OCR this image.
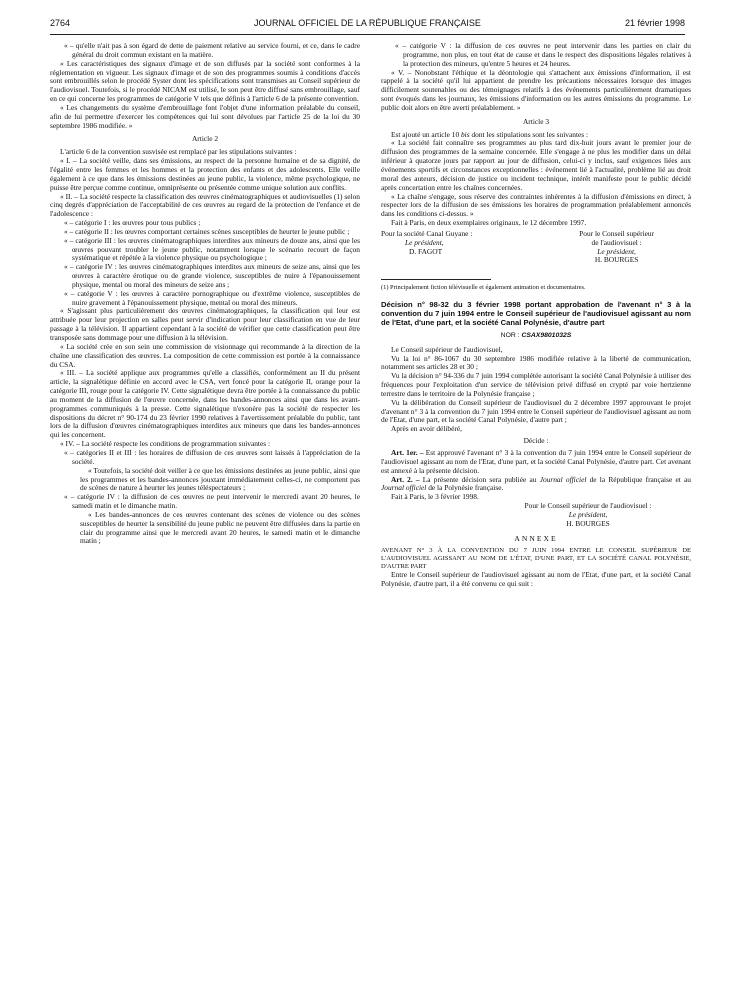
2764	JOURNAL OFFICIEL DE LA RÉPUBLIQUE FRANÇAISE	21 février 1998

« – qu'elle n'ait pas à son égard de dette de paiement relative au service fourni, et ce, dans le cadre général du droit commun existant en la matière.

« Les caractéristiques des signaux d'image et de son diffusés par la société sont conformes à la réglementation en vigueur. Les signaux d'image et de son des programmes soumis à conditions d'accès sont embrouillés selon le procédé Syster dont les spécifications sont transmises au Conseil supérieur de l'audiovisuel. Toutefois, si le procédé NICAM est utilisé, le son peut être diffusé sans embrouillage, sauf en ce qui concerne les programmes de catégorie V tels que définis à l'article 6 de la présente convention.

« Les changements du système d'embrouillage font l'objet d'une information préalable du conseil, afin de lui permettre d'exercer les compétences qui lui sont dévolues par l'article 25 de la loi du 30 septembre 1986 modifiée. »

Article 2

L'article 6 de la convention susvisée est remplacé par les stipulations suivantes :

« I. – La société veille, dans ses émissions, au respect de la personne humaine et de sa dignité, de l'égalité entre les femmes et les hommes et la protection des enfants et des adolescents. Elle veille également à ce que dans les émissions destinées au jeune public, la violence, même psychologique, ne puisse être perçue comme continue, omniprésente ou présentée comme unique solution aux conflits.

« II. – La société respecte la classification des œuvres cinématographiques et audiovisuelles (1) selon cinq degrés d'appréciation de l'acceptabilité de ces œuvres au regard de la protection de l'enfance et de l'adolescence :

« – catégorie I : les œuvres pour tous publics ;

« – catégorie II : les œuvres comportant certaines scènes susceptibles de heurter le jeune public ;

« – catégorie III : les œuvres cinématographiques interdites aux mineurs de douze ans, ainsi que les œuvres pouvant troubler le jeune public, notamment lorsque le scénario recourt de façon systématique et répétée à la violence physique ou psychologique ;

« – catégorie IV : les œuvres cinématographiques interdites aux mineurs de seize ans, ainsi que les œuvres à caractère érotique ou de grande violence, susceptibles de nuire à l'épanouissement physique, mental ou moral des mineurs de seize ans ;

« – catégorie V : les œuvres à caractère pornographique ou d'extrême violence, susceptibles de nuire gravement à l'épanouissement physique, mental ou moral des mineurs.

« S'agissant plus particulièrement des œuvres cinématographiques, la classification qui leur est attribuée pour leur projection en salles peut servir d'indication pour leur classification en vue de leur passage à la télévision. Il appartient cependant à la société de vérifier que cette classification peut être transposée sans dommage pour une diffusion à la télévision.

« La société crée en son sein une commission de visionnage qui recommande à la direction de la chaîne une classification des œuvres. La composition de cette commission est portée à la connaissance du CSA.

« III. – La société applique aux programmes qu'elle a classifiés, conformément au II du présent article, la signalétique définie en accord avec le CSA, vert foncé pour la catégorie II, orange pour la catégorie III, rouge pour la catégorie IV. Cette signalétique devra être portée à la connaissance du public au moment de la diffusion de l'œuvre concernée, dans les bandes-annonces ainsi que dans les avant-programmes communiqués à la presse. Cette signalétique n'exonère pas la société de respecter les dispositions du décret n° 90-174 du 23 février 1990 relatives à l'avertissement préalable du public, tant lors de la diffusion d'œuvres cinématographiques interdites aux mineurs que dans les bandes-annonces qui les concernent.

« IV. – La société respecte les conditions de programmation suivantes :

« – catégories II et III : les horaires de diffusion de ces œuvres sont laissés à l'appréciation de la société.

« Toutefois, la société doit veiller à ce que les émissions destinées au jeune public, ainsi que les programmes et les bandes-annonces jouxtant immédiatement celles-ci, ne comportent pas de scènes de nature à heurter les jeunes téléspectateurs ;

« – catégorie IV : la diffusion de ces œuvres ne peut intervenir le mercredi avant 20 heures, le samedi matin et le dimanche matin.

« Les bandes-annonces de ces œuvres contenant des scènes de violence ou des scènes susceptibles de heurter la sensibilité du jeune public ne peuvent être diffusées dans la partie en clair du programme ainsi que le mercredi avant 20 heures, le samedi matin et le dimanche matin ;

« – catégorie V : la diffusion de ces œuvres ne peut intervenir dans les parties en clair du programme, non plus, en tout état de cause et dans le respect des dispositions légales relatives à la protection des mineurs, qu'entre 5 heures et 24 heures.

« V. – Nonobstant l'éthique et la déontologie qui s'attachent aux émissions d'information, il est rappelé à la société qu'il lui appartient de prendre les précautions nécessaires lorsque des images difficilement soutenables ou des témoignages relatifs à des événements particulièrement dramatiques sont évoqués dans les journaux, les émissions d'information ou les autres émissions du programme. Le public doit alors en être averti préalablement. »

Article 3

Est ajouté un article 10 bis dont les stipulations sont les suivantes :

« La société fait connaître ses programmes au plus tard dix-huit jours avant le premier jour de diffusion des programmes de la semaine concernée. Elle s'engage à ne plus les modifier dans un délai inférieur à quatorze jours par rapport au jour de diffusion, celui-ci y inclus, sauf exigences liées aux événements sportifs et circonstances exceptionnelles : événement lié à l'actualité, problème lié au droit moral des auteurs, décision de justice ou incident technique, intérêt manifeste pour le public décidé après concertation entre les chaînes concernées.

« La chaîne s'engage, sous réserve des contraintes inhérentes à la diffusion d'émissions en direct, à respecter lors de la diffusion de ses émissions les horaires de programmation préalablement annoncés dans les conditions ci-dessus. »

Fait à Paris, en deux exemplaires originaux, le 12 décembre 1997.

Pour la société Canal Guyane :

Le président,

D. FAGOT

Pour le Conseil supérieur

de l'audiovisuel :

Le président,

H. BOURGES

(1) Principalement fiction télévisuelle et également animation et documentaires.

Décision n° 98-32 du 3 février 1998 portant approbation de l'avenant n° 3 à la convention du 7 juin 1994 entre le Conseil supérieur de l'audiovisuel agissant au nom de l'Etat, d'une part, et la société Canal Polynésie, d'autre part

NOR : CSAX9801032S

Le Conseil supérieur de l'audiovisuel,

Vu la loi n° 86-1067 du 30 septembre 1986 modifiée relative à la liberté de communication, notamment ses articles 28 et 30 ;

Vu la décision n° 94-336 du 7 juin 1994 complétée autorisant la société Canal Polynésie à utiliser des fréquences pour l'exploitation d'un service de télévision privé diffusé en crypté par voie hertzienne terrestre dans le territoire de la Polynésie française ;

Vu la délibération du Conseil supérieur de l'audiovisuel du 2 décembre 1997 approuvant le projet d'avenant n° 3 à la convention du 7 juin 1994 entre le Conseil supérieur de l'audiovisuel agissant au nom de l'Etat, d'une part, et la société Canal Polynésie, d'autre part ;

Après en avoir délibéré,

Décide :

Art. 1er. – Est approuvé l'avenant n° 3 à la convention du 7 juin 1994 entre le Conseil supérieur de l'audiovisuel agissant au nom de l'Etat, d'une part, et la société Canal Polynésie, d'autre part. Cet avenant est annexé à la présente décision.

Art. 2. – La présente décision sera publiée au Journal officiel de la République française et au Journal officiel de la Polynésie française.

Fait à Paris, le 3 février 1998.

Pour le Conseil supérieur de l'audiovisuel :

Le président,

H. BOURGES

ANNEXE

AVENANT N° 3 À LA CONVENTION DU 7 JUIN 1994 ENTRE LE CONSEIL SUPÉRIEUR DE L'AUDIOVISUEL AGISSANT AU NOM DE L'ÉTAT, D'UNE PART, ET LA SOCIÉTÉ CANAL POLYNÉSIE, D'AUTRE PART

Entre le Conseil supérieur de l'audiovisuel agissant au nom de l'Etat, d'une part, et la société Canal Polynésie, d'autre part, il a été convenu ce qui suit :
